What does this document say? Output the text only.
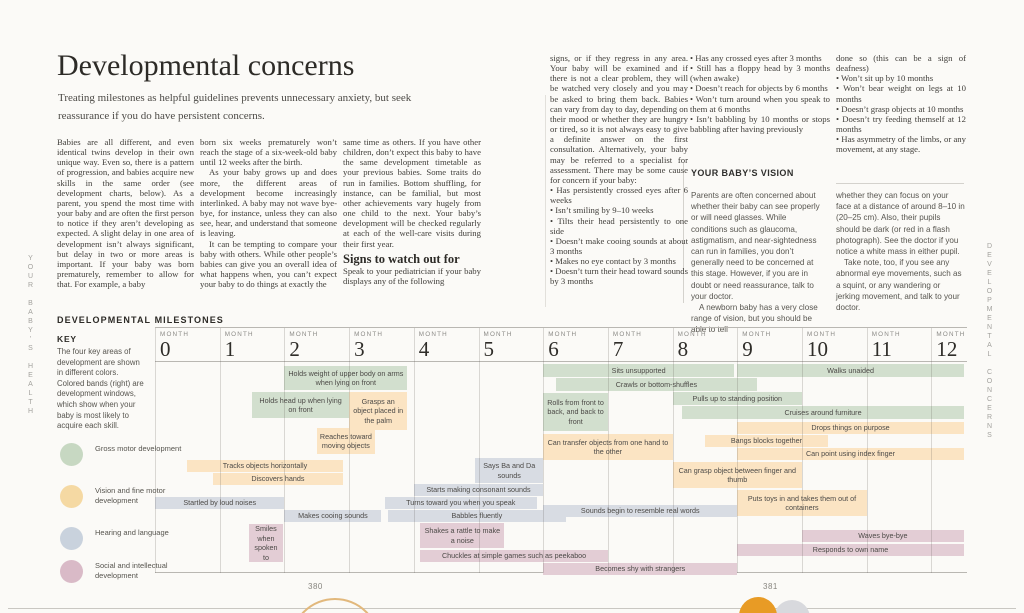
YOUR BABY'S HEALTH	DEVELOPMENTAL CONCERNS
Developmental concerns
Treating milestones as helpful guidelines prevents unnecessary anxiety, but seek reassurance if you do have persistent concerns.
Babies are all different, and even identical twins develop in their own unique way. Even so, there is a pattern of progression, and babies acquire new skills in the same order (see development charts, below). As a parent, you spend the most time with your baby and are often the first person to notice if they aren’t developing as expected. A slight delay in one area of development isn’t always significant, but delay in two or more areas is important. If your baby was born prematurely, remember to allow for that. For example, a baby
born six weeks prematurely won’t reach the stage of a six-week-old baby until 12 weeks after the birth.
As your baby grows up and does more, the different areas of development become increasingly interlinked. A baby may not wave bye-bye, for instance, unless they can also see, hear, and understand that someone is leaving.
It can be tempting to compare your baby with others. While other people’s babies can give you an overall idea of what happens when, you can’t expect your baby to do things at exactly the
same time as others. If you have other children, don’t expect this baby to have the same development timetable as your previous babies. Some traits do run in families. Bottom shuffling, for instance, can be familial, but most other achievements vary hugely from one child to the next. Your baby’s development will be checked regularly at each of the well-care visits during their first year.
Signs to watch out for
Speak to your pediatrician if your baby displays any of the following
signs, or if they regress in any area. Your baby will be examined and if there is not a clear problem, they will be watched very closely and you may be asked to bring them back. Babies can vary from day to day, depending on their mood or whether they are hungry or tired, so it is not always easy to give a definite answer on the first consultation. Alternatively, your baby may be referred to a specialist for assessment. There may be some cause for concern if your baby:
• Has persistently crossed eyes after 6 weeks
• Isn’t smiling by 9–10 weeks
• Tilts their head persistently to one side
• Doesn’t make cooing sounds at about 3 months
• Makes no eye contact by 3 months
• Doesn’t turn their head toward sounds by 3 months
• Has any crossed eyes after 3 months
• Still has a floppy head by 3 months (when awake)
• Doesn’t reach for objects by 6 months
• Won’t turn around when you speak to them at 6 months
• Isn’t babbling by 10 months or stops babbling after having previously
done so (this can be a sign of deafness)
• Won’t sit up by 10 months
• Won’t bear weight on legs at 10 months
• Doesn’t grasp objects at 10 months
• Doesn’t try feeding themself at 12 months
• Has asymmetry of the limbs, or any movement, at any stage.
YOUR BABY’S VISION
Parents are often concerned about whether their baby can see properly or will need glasses. While conditions such as glaucoma, astigmatism, and near-sightedness can run in families, you don’t generally need to be concerned at this stage. However, if you are in doubt or need reassurance, talk to your doctor.
A newborn baby has a very close range of vision, but you should be able to tell
whether they can focus on your face at a distance of around 8–10 in (20–25 cm). Also, their pupils should be dark (or red in a flash photograph). See the doctor if you notice a white mass in either pupil.
Take note, too, if you see any abnormal eye movements, such as a squint, or any wandering or jerking movement, and talk to your doctor.
DEVELOPMENTAL MILESTONES
KEY
The four key areas of development are shown in different colors. Colored bands (right) are development windows, which show when your baby is most likely to acquire each skill.
Gross motor development
Vision and fine motor development
Hearing and language
Social and intellectual development
MONTH
0
MONTH
1
MONTH
2
MONTH
3
MONTH
4
MONTH
5
MONTH
6
MONTH
7
MONTH
8
MONTH
9
MONTH
10
MONTH
11
MONTH
12
Holds weight of upper body on arms when lying on front
Sits unsupported	Walks unaided
Crawls or bottom-shuffles
Holds head up when lying on front
Rolls from front to back, and back to front
Pulls up to standing position
Cruises around furniture
Grasps an object placed in the palm
Reaches toward moving objects	Can transfer objects from one hand to the other
Drops things on purpose
Bangs blocks together
Can point using index finger
Tracks objects horizontally
Discovers hands
Can grasp object between finger and thumb
Puts toys in and takes them out of containers
Says Ba and Da sounds
Starts making consonant sounds
Turns toward you when you speak
Startled by loud noises
Babbles fluently
Makes cooing sounds
Sounds begin to resemble real words
Smiles when spoken to
Shakes a rattle to make a noise
Chuckles at simple games such as peekaboo
Becomes shy with strangers
Waves bye-bye
Responds to own name
380	381
